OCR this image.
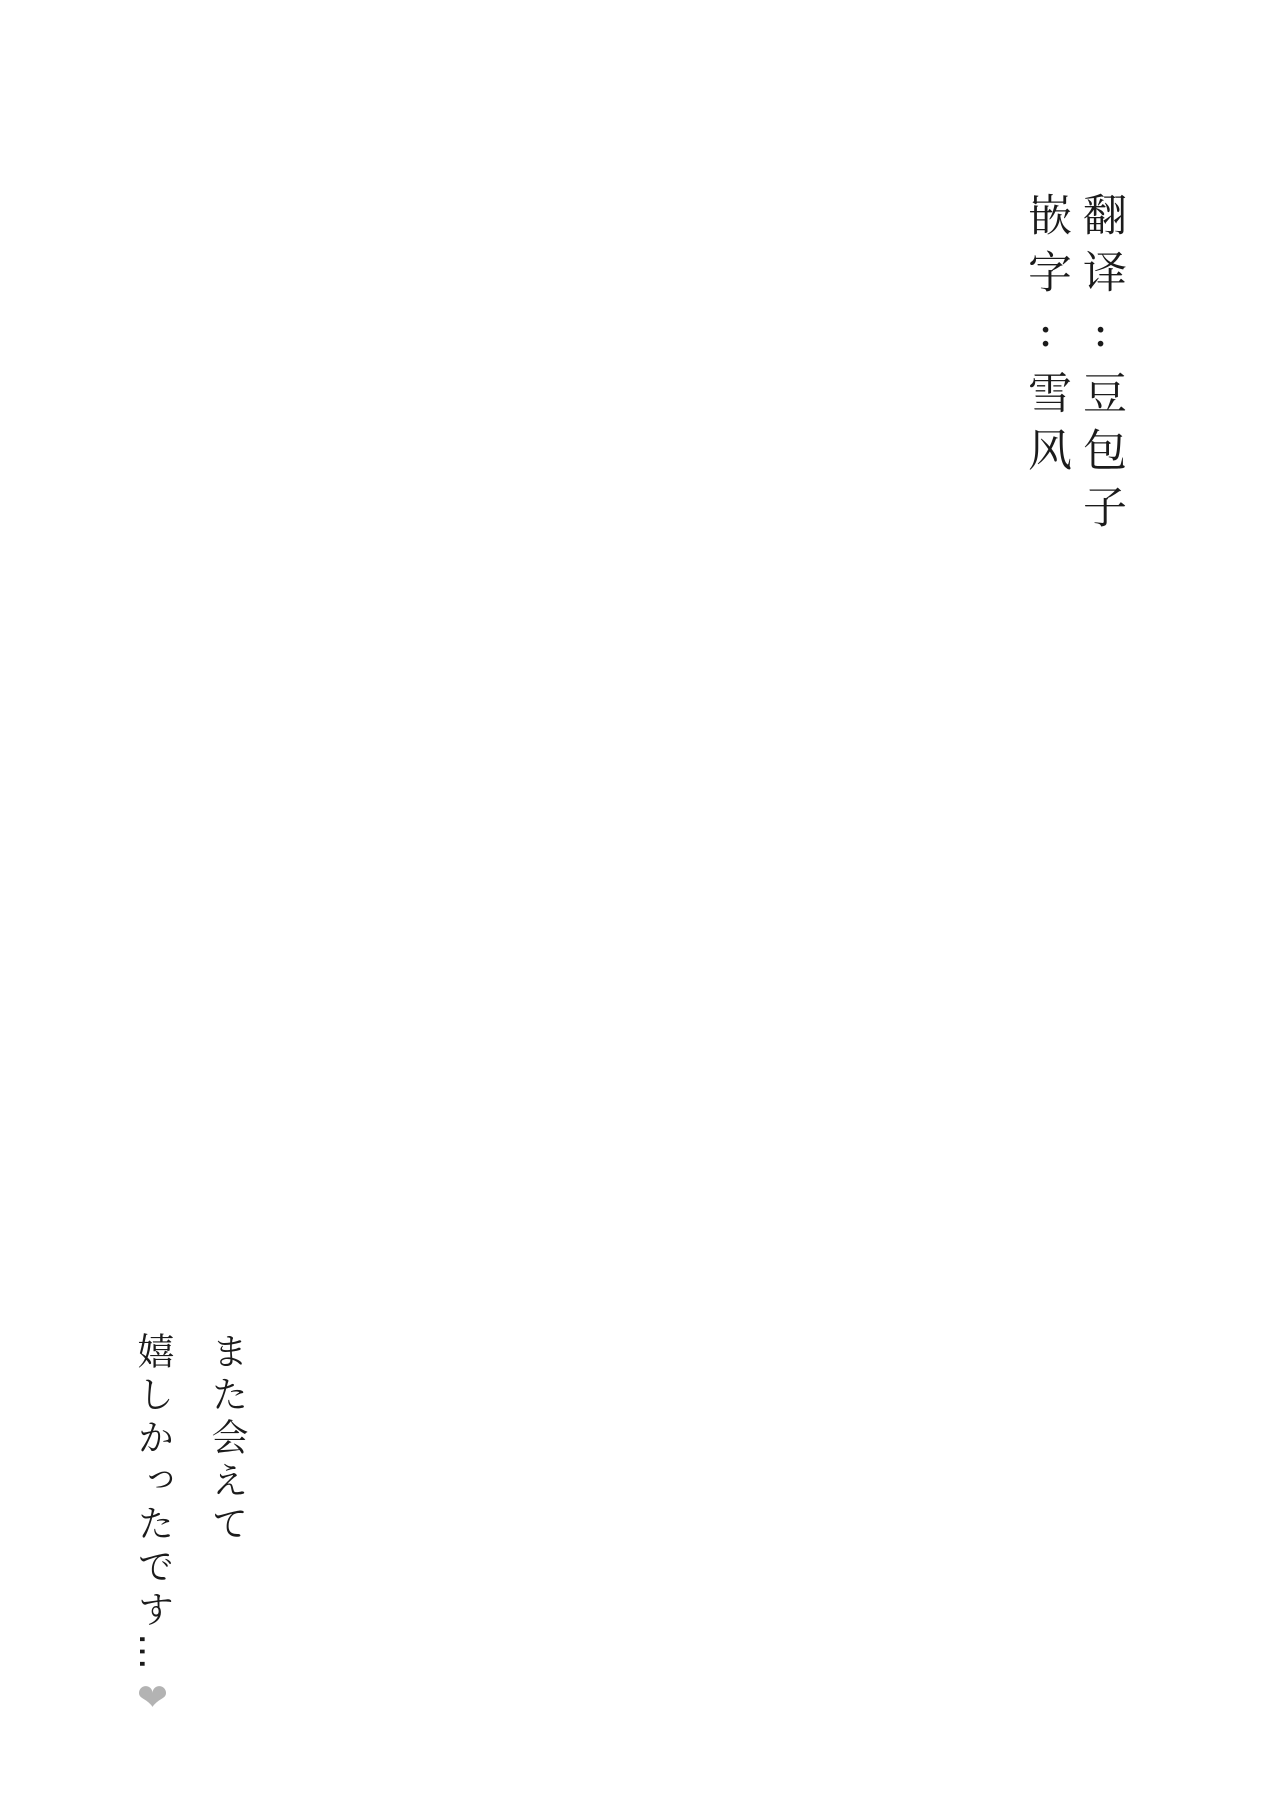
翻译:豆包子
嵌字:雪风
また会えて
嬉しかったです…❤
